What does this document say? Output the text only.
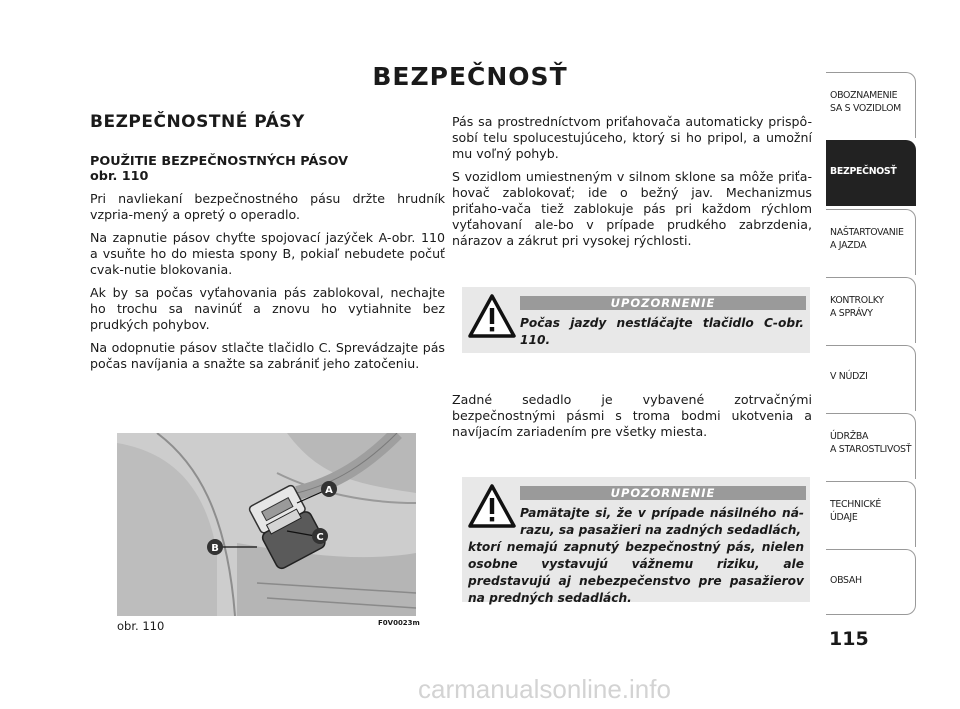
BEZPEČNOSŤ
BEZPEČNOSTNÉ PÁSY
POUŽITIE BEZPEČNOSTNÝCH PÁSOV
obr. 110

Pri navliekaní bezpečnostného pásu držte hrudník vzpria-mený a opretý o operadlo.

Na zapnutie pásov chyťte spojovací jazýček A-obr. 110 a vsuňte ho do miesta spony B, pokiaľ nebudete počuť cvak-nutie blokovania.

Ak by sa počas vyťahovania pás zablokoval, nechajte ho trochu sa navinúť a znovu ho vytiahnite bez prudkých pohybov.

Na odopnutie pásov stlačte tlačidlo C. Sprevádzajte pás počas navíjania a snažte sa zabrániť jeho zatočeniu.

Pás sa prostredníctvom priťahovača automaticky prispô-sobí telu spolucestujúceho, ktorý si ho pripol, a umožní mu voľný pohyb.

S vozidlom umiestneným v silnom sklone sa môže priťa-hovač zablokovať; ide o bežný jav. Mechanizmus priťaho-vača tiež zablokuje pás pri každom rýchlom vyťahovaní ale-bo v prípade prudkého zabrzdenia, nárazov a zákrut pri vysokej rýchlosti.

UPOZORNENIE
Počas jazdy nestláčajte tlačidlo C-obr. 110.
Zadné sedadlo je vybavené zotrvačnými bezpečnostnými pásmi s troma bodmi ukotvenia a navíjacím zariadením pre všetky miesta.
UPOZORNENIE
Pamätajte si, že v prípade násilného ná-razu, sa pasažieri na zadných sedadlách,
ktorí nemajú zapnutý bezpečnostný pás, nielen osobne vystavujú vážnemu riziku, ale predstavujú aj nebezpečenstvo pre pasažierov na predných sedadlách.
A
C
B
obr. 110	F0V0023m
OBOZNAMENIE
SA S VOZIDLOM
BEZPEČNOSŤ
NAŠTARTOVANIE
A JAZDA
KONTROLKY
A SPRÁVY
V NÚDZI
ÚDRŽBA
A STAROSTLIVOSŤ
TECHNICKÉ
ÚDAJE
OBSAH
115
carmanualsonline.info
